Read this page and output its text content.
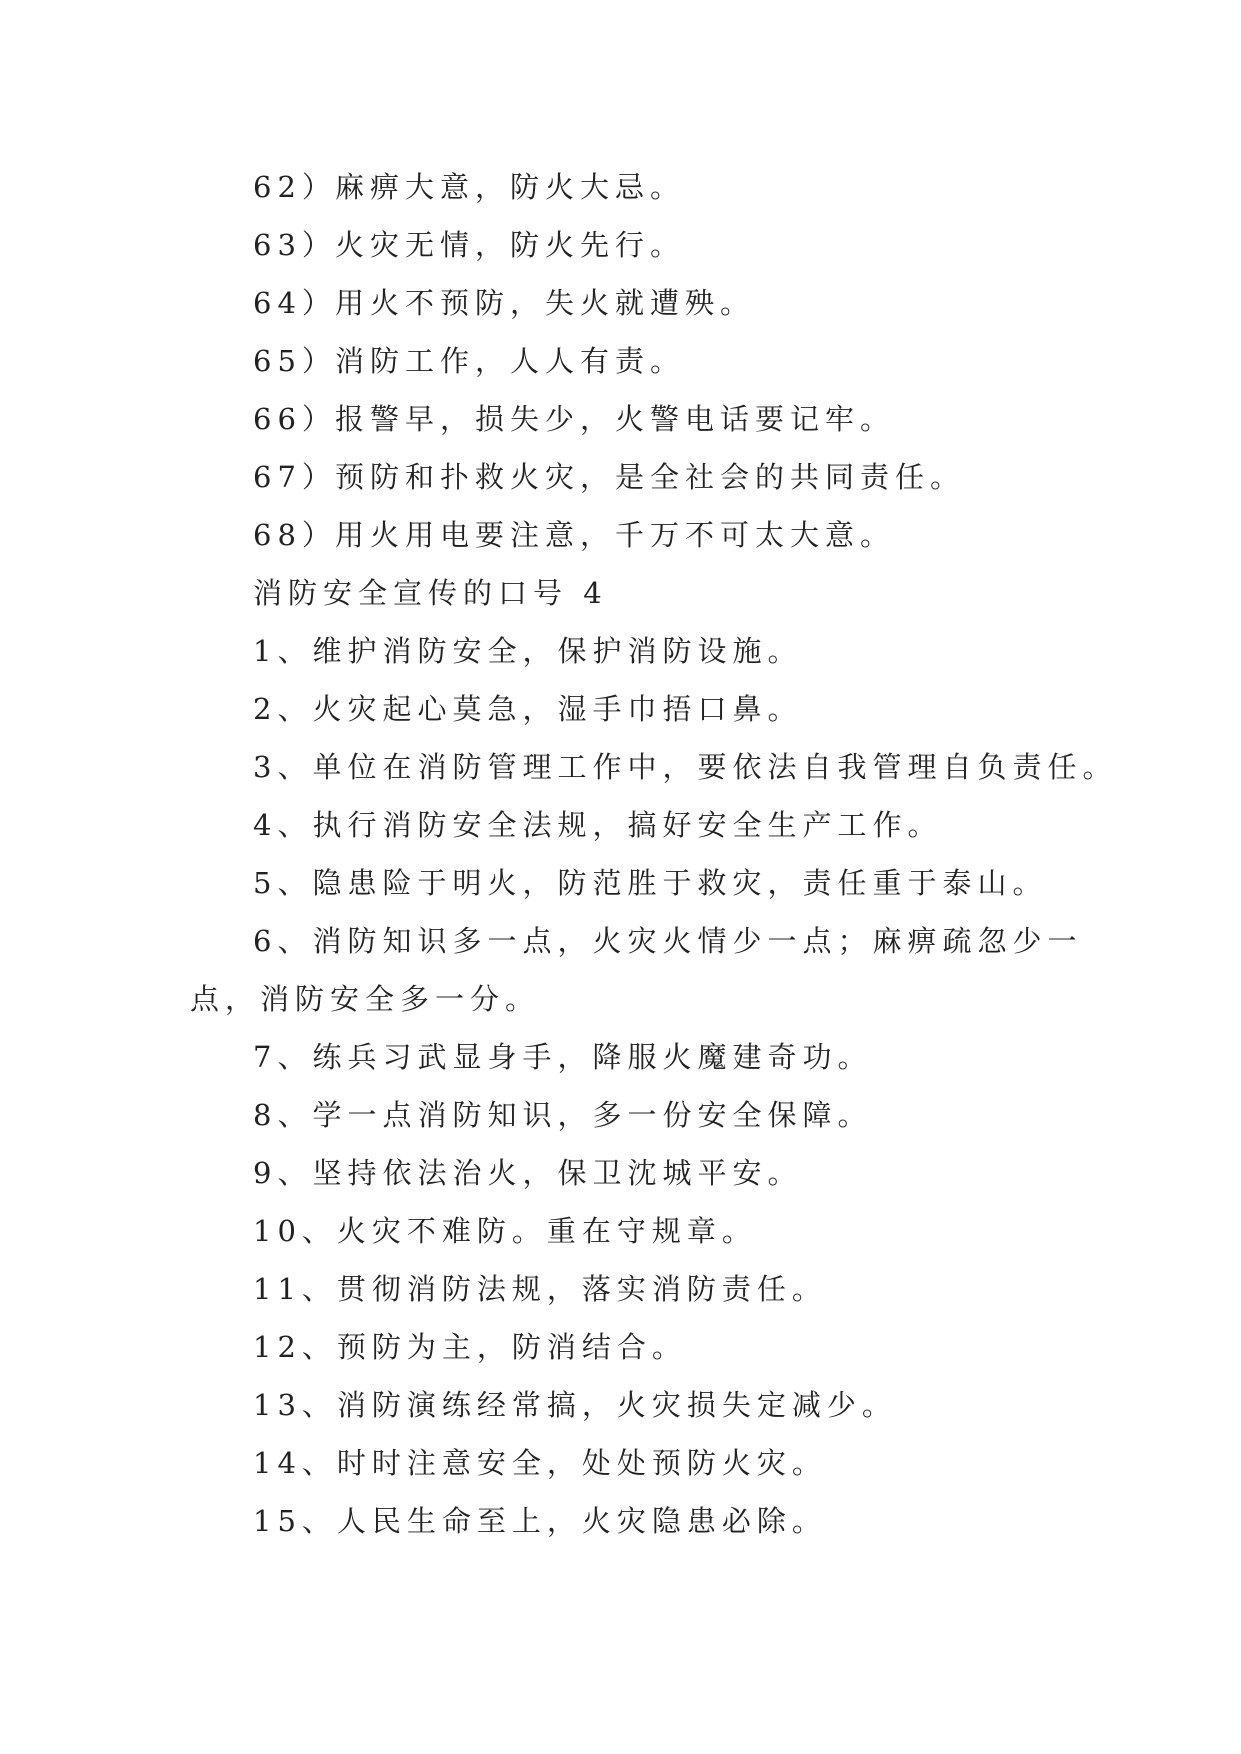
62）麻痹大意，防火大忌。

63）火灾无情，防火先行。

64）用火不预防，失火就遭殃。

65）消防工作，人人有责。

66）报警早，损失少，火警电话要记牢。

67）预防和扑救火灾，是全社会的共同责任。

68）用火用电要注意，千万不可太大意。

消防安全宣传的口号 4

1、维护消防安全，保护消防设施。

2、火灾起心莫急，湿手巾捂口鼻。

3、单位在消防管理工作中，要依法自我管理自负责任。

4、执行消防安全法规，搞好安全生产工作。

5、隐患险于明火，防范胜于救灾，责任重于泰山。

6、消防知识多一点，火灾火情少一点；麻痹疏忽少一

点，消防安全多一分。

7、练兵习武显身手，降服火魔建奇功。

8、学一点消防知识，多一份安全保障。

9、坚持依法治火，保卫沈城平安。

10、火灾不难防。重在守规章。

11、贯彻消防法规，落实消防责任。

12、预防为主，防消结合。

13、消防演练经常搞，火灾损失定减少。

14、时时注意安全，处处预防火灾。

15、人民生命至上，火灾隐患必除。
